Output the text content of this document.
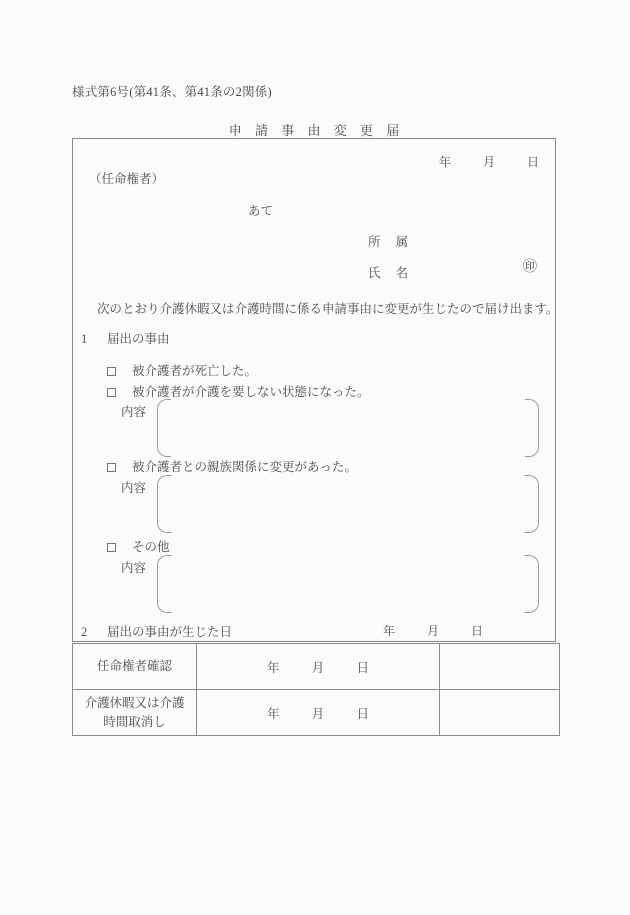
様式第6号(第41条、第41条の2関係)
申 請 事 由 変 更 届
年	月	日
（任命権者）
あて
所 属
氏 名	㊞
次のとおり介護休暇又は介護時間に係る申請事由に変更が生じたので届け出ます。
1 届出の事由
被介護者が死亡した。
被介護者が介護を要しない状態になった。
内容
被介護者との親族関係に変更があった。
内容
その他
内容
2 届出の事由が生じた日	年	月	日
任命権者確認	年 月 日	

介護休暇又は介護
時間取消し	年 月 日	
